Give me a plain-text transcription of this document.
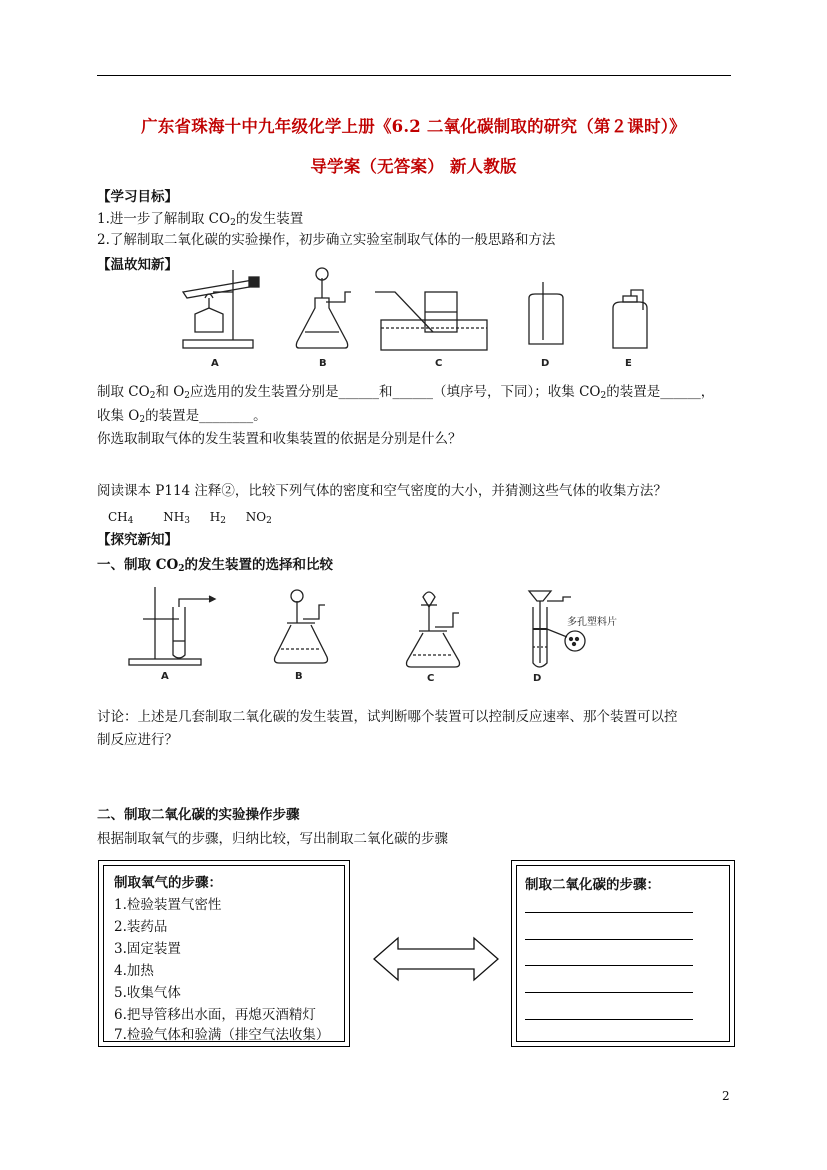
广东省珠海十中九年级化学上册《6.2 二氧化碳制取的研究（第２课时）》
导学案（无答案） 新人教版
【学习目标】
1.进一步了解制取 $CO_2$的发生装置
2.了解制取二氧化碳的实验操作，初步确立实验室制取气体的一般思路和方法
【温故知新】
A	B	C	D	E
制取 $CO_2$和 $O_2$应选用的发生装置分别是______和______（填序号，下同）；收集 $CO_2$的装置是______，
收集 $O_2$的装置是________。
你选取制取气体的发生装置和收集装置的依据是分别是什么？
阅读课本 P114 注释②，比较下列气体的密度和空气密度的大小，并猜测这些气体的收集方法？
$CH_4$ $NH_3$ $H_2$ $NO_2$
【探究新知】
一、制取 $CO_2$的发生装置的选择和比较
A	B	C
多孔塑料片
D
讨论：上述是几套制取二氧化碳的发生装置，试判断哪个装置可以控制反应速率、那个装置可以控
制反应进行？
二、制取二氧化碳的实验操作步骤
根据制取氧气的步骤，归纳比较，写出制取二氧化碳的步骤
制取氧气的步骤：
1.检验装置气密性
2.装药品
3.固定装置
4.加热
5.收集气体
6.把导管移出水面，再熄灭酒精灯
7.检验气体和验满（排空气法收集）
制取二氧化碳的步骤：
2
